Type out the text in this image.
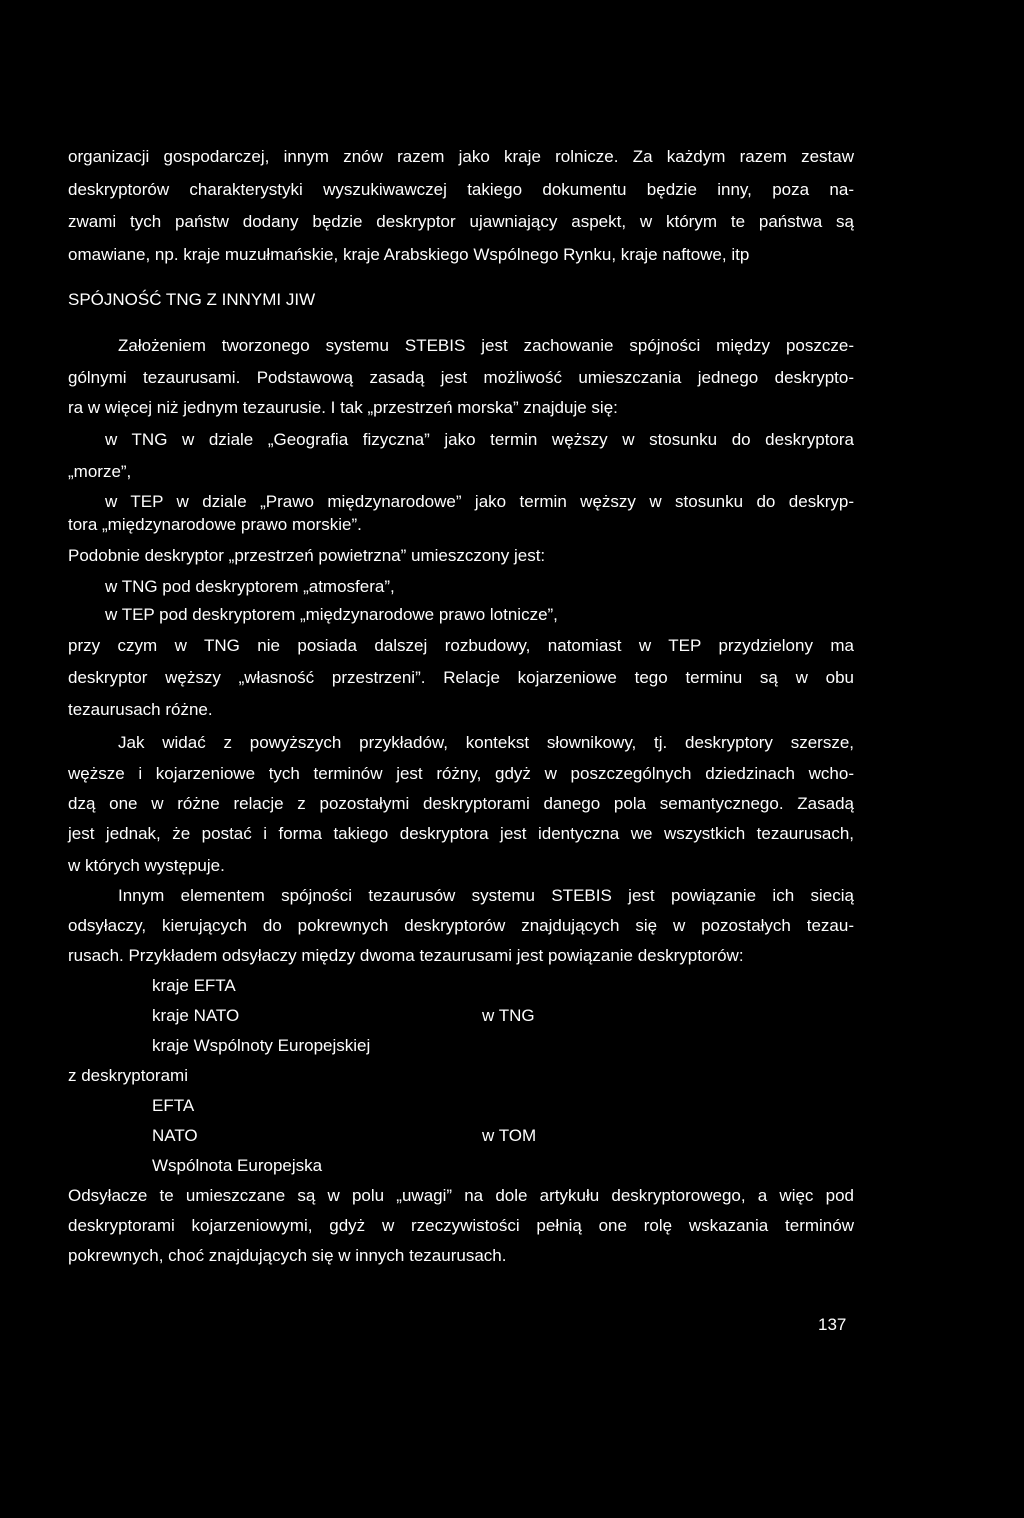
organizacji gospodarczej, innym znów razem jako kraje rolnicze. Za każdym razem zestaw
deskryptorów charakterystyki wyszukiwawczej takiego dokumentu będzie inny, poza na-
zwami tych państw dodany będzie deskryptor ujawniający aspekt, w którym te państwa są
omawiane, np. kraje muzułmańskie, kraje Arabskiego Wspólnego Rynku, kraje naftowe, itp
SPÓJNOŚĆ TNG Z INNYMI JIW
Założeniem tworzonego systemu STEBIS jest zachowanie spójności między poszcze-
gólnymi tezaurusami. Podstawową zasadą jest możliwość umieszczania jednego deskrypto-
ra w więcej niż jednym tezaurusie. I tak „przestrzeń morska” znajduje się:
w TNG w dziale „Geografia fizyczna” jako termin węższy w stosunku do deskryptora
„morze”,
w TEP w dziale „Prawo międzynarodowe” jako termin węższy w stosunku do deskryp-
tora „międzynarodowe prawo morskie”.
Podobnie deskryptor „przestrzeń powietrzna” umieszczony jest:
w TNG pod deskryptorem „atmosfera”,
w TEP pod deskryptorem „międzynarodowe prawo lotnicze”,
przy czym w TNG nie posiada dalszej rozbudowy, natomiast w TEP przydzielony ma
deskryptor węższy „własność przestrzeni”. Relacje kojarzeniowe tego terminu są w obu
tezaurusach różne.
Jak widać z powyższych przykładów, kontekst słownikowy, tj. deskryptory szersze,
węższe i kojarzeniowe tych terminów jest różny, gdyż w poszczególnych dziedzinach wcho-
dzą one w różne relacje z pozostałymi deskryptorami danego pola semantycznego. Zasadą
jest jednak, że postać i forma takiego deskryptora jest identyczna we wszystkich tezaurusach,
w których występuje.
Innym elementem spójności tezaurusów systemu STEBIS jest powiązanie ich siecią
odsyłaczy, kierujących do pokrewnych deskryptorów znajdujących się w pozostałych tezau-
rusach. Przykładem odsyłaczy między dwoma tezaurusami jest powiązanie deskryptorów:
kraje EFTA
kraje NATO	w TNG
kraje Wspólnoty Europejskiej
z deskryptorami
EFTA
NATO	w TOM
Wspólnota Europejska
Odsyłacze te umieszczane są w polu „uwagi” na dole artykułu deskryptorowego, a więc pod
deskryptorami kojarzeniowymi, gdyż w rzeczywistości pełnią one rolę wskazania terminów
pokrewnych, choć znajdujących się w innych tezaurusach.
137
